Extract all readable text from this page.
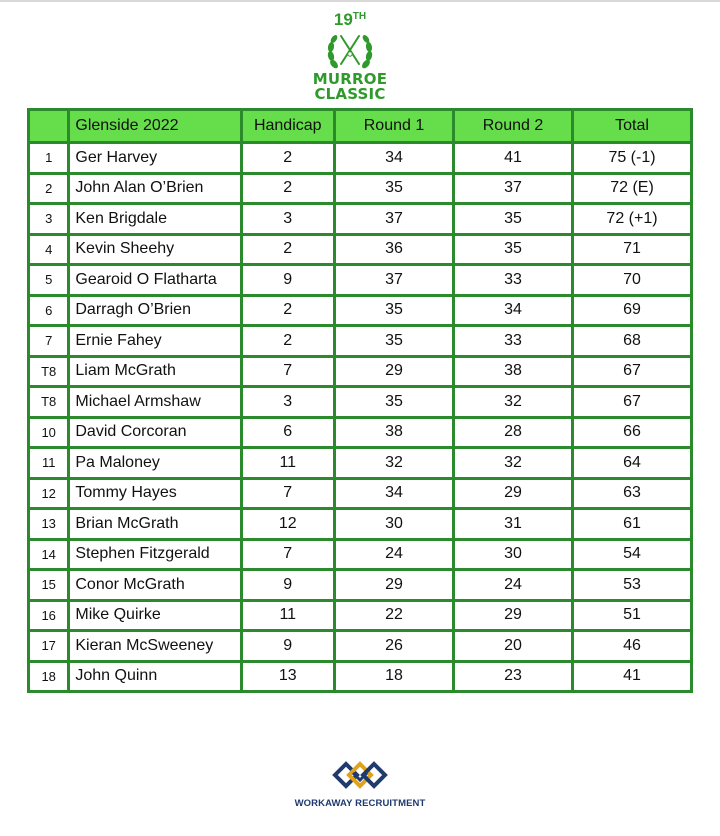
19TH
MURROE
CLASSIC
	Glenside 2022	Handicap	Round 1	Round 2	Total
1	Ger Harvey	2	34	41	75 (-1)
2	John Alan O’Brien	2	35	37	72 (E)
3	Ken Brigdale	3	37	35	72 (+1)
4	Kevin Sheehy	2	36	35	71
5	Gearoid O Flatharta	9	37	33	70
6	Darragh O’Brien	2	35	34	69
7	Ernie Fahey	2	35	33	68
T8	Liam McGrath	7	29	38	67
T8	Michael Armshaw	3	35	32	67
10	David Corcoran	6	38	28	66
11	Pa Maloney	11	32	32	64
12	Tommy Hayes	7	34	29	63
13	Brian McGrath	12	30	31	61
14	Stephen Fitzgerald	7	24	30	54
15	Conor McGrath	9	29	24	53
16	Mike Quirke	11	22	29	51
17	Kieran McSweeney	9	26	20	46
18	John Quinn	13	18	23	41
WORKAWAY RECRUITMENT
